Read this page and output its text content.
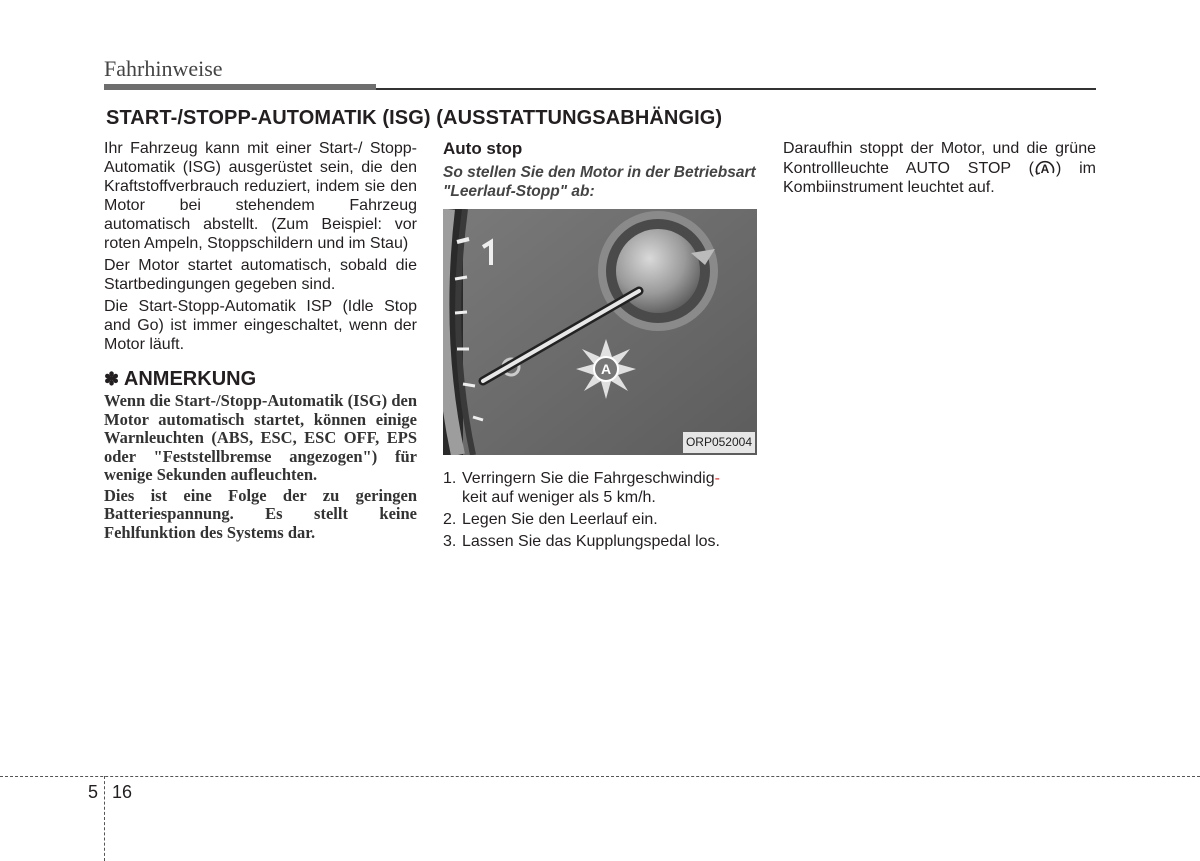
Fahrhinweise
START-/STOPP-AUTOMATIK (ISG) (AUSSTATTUNGSABHÄNGIG)

Ihr Fahrzeug kann mit einer Start-/ Stopp-Automatik (ISG) ausgerüstet sein, die den Kraftstoffverbrauch reduziert, indem sie den Motor bei stehendem Fahrzeug automatisch abstellt. (Zum Beispiel: vor roten Ampeln, Stoppschildern und im Stau)

Der Motor startet automatisch, sobald die Startbedingungen gegeben sind.

Die Start-Stopp-Automatik ISP (Idle Stop and Go) ist immer eingeschaltet, wenn der Motor läuft.

✽ ANMERKUNG

Wenn die Start-/Stopp-Automatik (ISG) den Motor automatisch startet, können einige Warnleuchten (ABS, ESC, ESC OFF, EPS oder "Feststellbremse angezogen") für wenige Sekunden aufleuchten.

Dies ist eine Folge der zu geringen Batteriespannung. Es stellt keine Fehlfunktion des Systems dar.

Auto stop
So stellen Sie den Motor in der Betriebsart "Leerlauf-Stopp" ab:
A
ORP052004
1. Verringern Sie die Fahrgeschwindig-
keit auf weniger als 5 km/h.
2. Legen Sie den Leerlauf ein.
3. Lassen Sie das Kupplungspedal los.
Daraufhin stoppt der Motor, und die grüne Kontrollleuchte AUTO STOP ( A ) im Kombiinstrument leuchtet auf.
5 16
